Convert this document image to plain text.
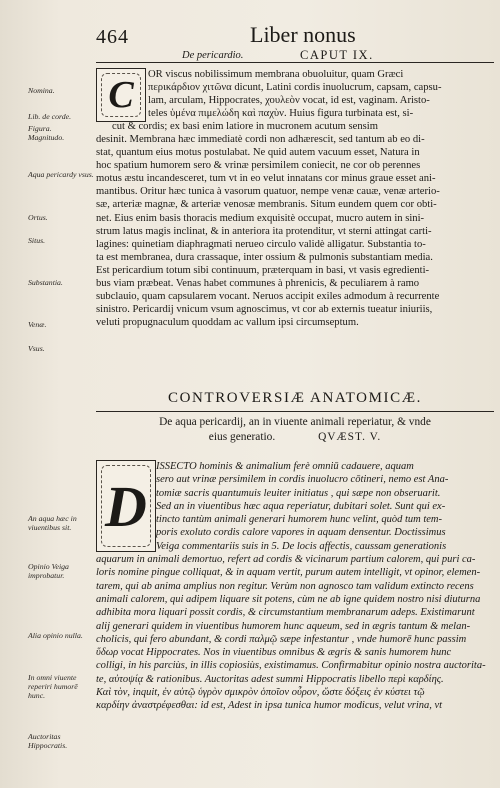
464	Liber nonus
De pericardio.	CAPUT IX.
Nomina.
Lib. de corde.
Figura.
Magnitudo.
Aqua pericardy vsus.
Ortus.
Situs.
Substantia.
Venæ.
Vsus.
C	OR viscus nobilissimum membrana obuoluitur, quam Græci

περικάρδιον χιτῶνα dicunt, Latini cordis inuolucrum, capsam, capsu-

lam, arculam, Hippocrates, χουλεὸν vocat, id est, vaginam. Aristo-

teles ὑμένα πιμελώδη καὶ παχὺν. Huius figura turbinata est, si-

cut & cordis; ex basi enim latiore in mucronem acutum sensim

desinit. Membrana hæc immediatè cordi non adhærescit, sed tantum ab eo di-

stat, quantum eius motus postulabat. Ne quid autem vacuum esset, Natura in

hoc spatium humorem sero & vrinæ persimilem coniecit, ne cor ob perennes

motus æstu incandesceret, tum vt in eo velut innatans cor minus graue esset ani-

mantibus. Oritur hæc tunica à vasorum quatuor, nempe venæ cauæ, venæ arterio-

sæ, arteriæ magnæ, & arteriæ venosæ membranis. Situm eundem quem cor obti-

net. Eius enim basis thoracis medium exquisitè occupat, mucro autem in sini-

strum latus magis inclinat, & in anteriora ita protenditur, vt sterni attingat carti-

lagines: quinetiam diaphragmati nerueo circulo validè alligatur. Substantia to-

ta est membranea, dura crassaque, inter ossium & pulmonis substantiam media.

Est pericardium totum sibi continuum, præterquam in basi, vt vasis egredienti-

bus viam præbeat. Venas habet communes à phrenicis, & peculiarem à ramo

subclauio, quam capsularem vocant. Neruos accipit exiles admodum à recurrente

sinistro. Pericardij vnicum vsum agnoscimus, vt cor ab externis tueatur iniuriis,

veluti propugnaculum quoddam ac vallum ipsi circumseptum.

CONTROVERSIÆ ANATOMICÆ.
De aqua pericardij, an in viuente animali reperiatur, & vnde
eius generatio.	QVÆST. V.
An aqua hæc in viuentibus sit.
Opinio Veiga improbatur.
Alia opinio nulla.
In omni viuente reperiri humorē hunc.
Auctoritas Hippocratis.
D

ISSECTO hominis & animalium ferè omniū cadauere, aquam

sero aut vrinæ persimilem in cordis inuolucro cōtineri, nemo est Ana-

tomiæ sacris quantumuis leuiter initiatus , qui sæpe non obseruarit.

Sed an in viuentibus hæc aqua reperiatur, dubitari solet. Sunt qui ex-

tincto tantùm animali generari humorem hunc velint, quòd tum tem-

poris exoluto cordis calore vapores in aquam densentur. Doctissimus

Veiga commentariis suis in 5. De locis affectis, caussam generationis

aquarum in animali demortuo, refert ad cordis & vicinarum partium calorem, qui puri ca-

loris nomine pingue colliquat, & in aquam vertit, purum autem intelligit, vt opinor, elemen-

tarem, qui ab anima amplius non regitur. Verùm non agnosco tam validum extincto recens

animali calorem, qui adipem liquare sit potens, cùm ne ab igne quidem nostro nisi diuturna

adhibita mora liquari possit cordis, & circumstantium membranarum adeps. Existimarunt

alij generari quidem in viuentibus humorem hunc aqueum, sed in ægris tantum & melan-

cholicis, qui fero abundant, & cordi παλμῷ sæpe infestantur , vnde humorē hunc passim

ὕδωρ vocat Hippocrates. Nos in viuentibus omnibus & ægris & sanis humorem hunc

colligi, in his parciùs, in illis copiosiùs, existimamus. Confirmabitur opinio nostra auctorita-

te, αὐτοψίᾳ & rationibus. Auctoritas adest summi Hippocratis libello περὶ καρδίης.

Καὶ τὸν, inquit, ἐν αὐτῷ ὑγρὸν σμικρὸν ὁποῖον οὖρον, ὥστε δόξεις ἐν κύστει τῷ

καρδίην ἀναστρέφεσθαι: id est, Adest in ipsa tunica humor modicus, velut vrina, vt
